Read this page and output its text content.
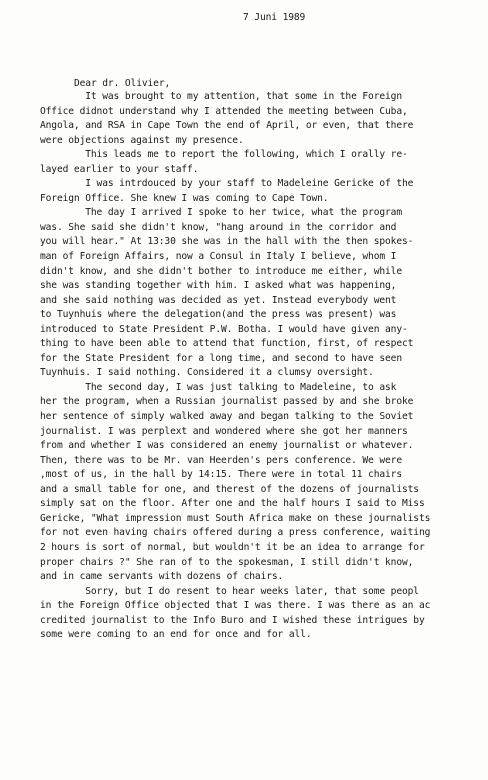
7 Juni 1989
Dear dr. Olivier,
It was brought to my attention, that some in the Foreign
Office didnot understand why I attended the meeting between Cuba,
Angola, and RSA in Cape Town the end of April, or even, that there
were objections against my presence.
This leads me to report the following, which I orally re-
layed earlier to your staff.
I was intrdouced by your staff to Madeleine Gericke of the
Foreign Office. She knew I was coming to Cape Town.
The day I arrived I spoke to her twice, what the program
was. She said she didn't know, "hang around in the corridor and
you will hear." At 13:30 she was in the hall with the then spokes-
man of Foreign Affairs, now a Consul in Italy I believe, whom I
didn't know, and she didn't bother to introduce me either, while
she was standing together with him. I asked what was happening,
and she said nothing was decided as yet. Instead everybody went
to Tuynhuis where the delegation(and the press was present) was
introduced to State President P.W. Botha. I would have given any-
thing to have been able to attend that function, first, of respect
for the State President for a long time, and second to have seen
Tuynhuis. I said nothing. Considered it a clumsy oversight.
The second day, I was just talking to Madeleine, to ask
her the program, when a Russian journalist passed by and she broke
her sentence of simply walked away and began talking to the Soviet
journalist. I was perplext and wondered where she got her manners
from and whether I was considered an enemy journalist or whatever.
Then, there was to be Mr. van Heerden's pers conference. We were
,most of us, in the hall by 14:15. There were in total 11 chairs
and a small table for one, and therest of the dozens of journalists
simply sat on the floor. After one and the half hours I said to Miss
Gericke, "What impression must South Africa make on these journalists
for not even having chairs offered during a press conference, waiting
2 hours is sort of normal, but wouldn't it be an idea to arrange for
proper chairs ?" She ran of to the spokesman, I still didn't know,
and in came servants with dozens of chairs.
Sorry, but I do resent to hear weeks later, that some peopl
in the Foreign Office objected that I was there. I was there as an ac
credited journalist to the Info Buro and I wished these intrigues by
some were coming to an end for once and for all.
